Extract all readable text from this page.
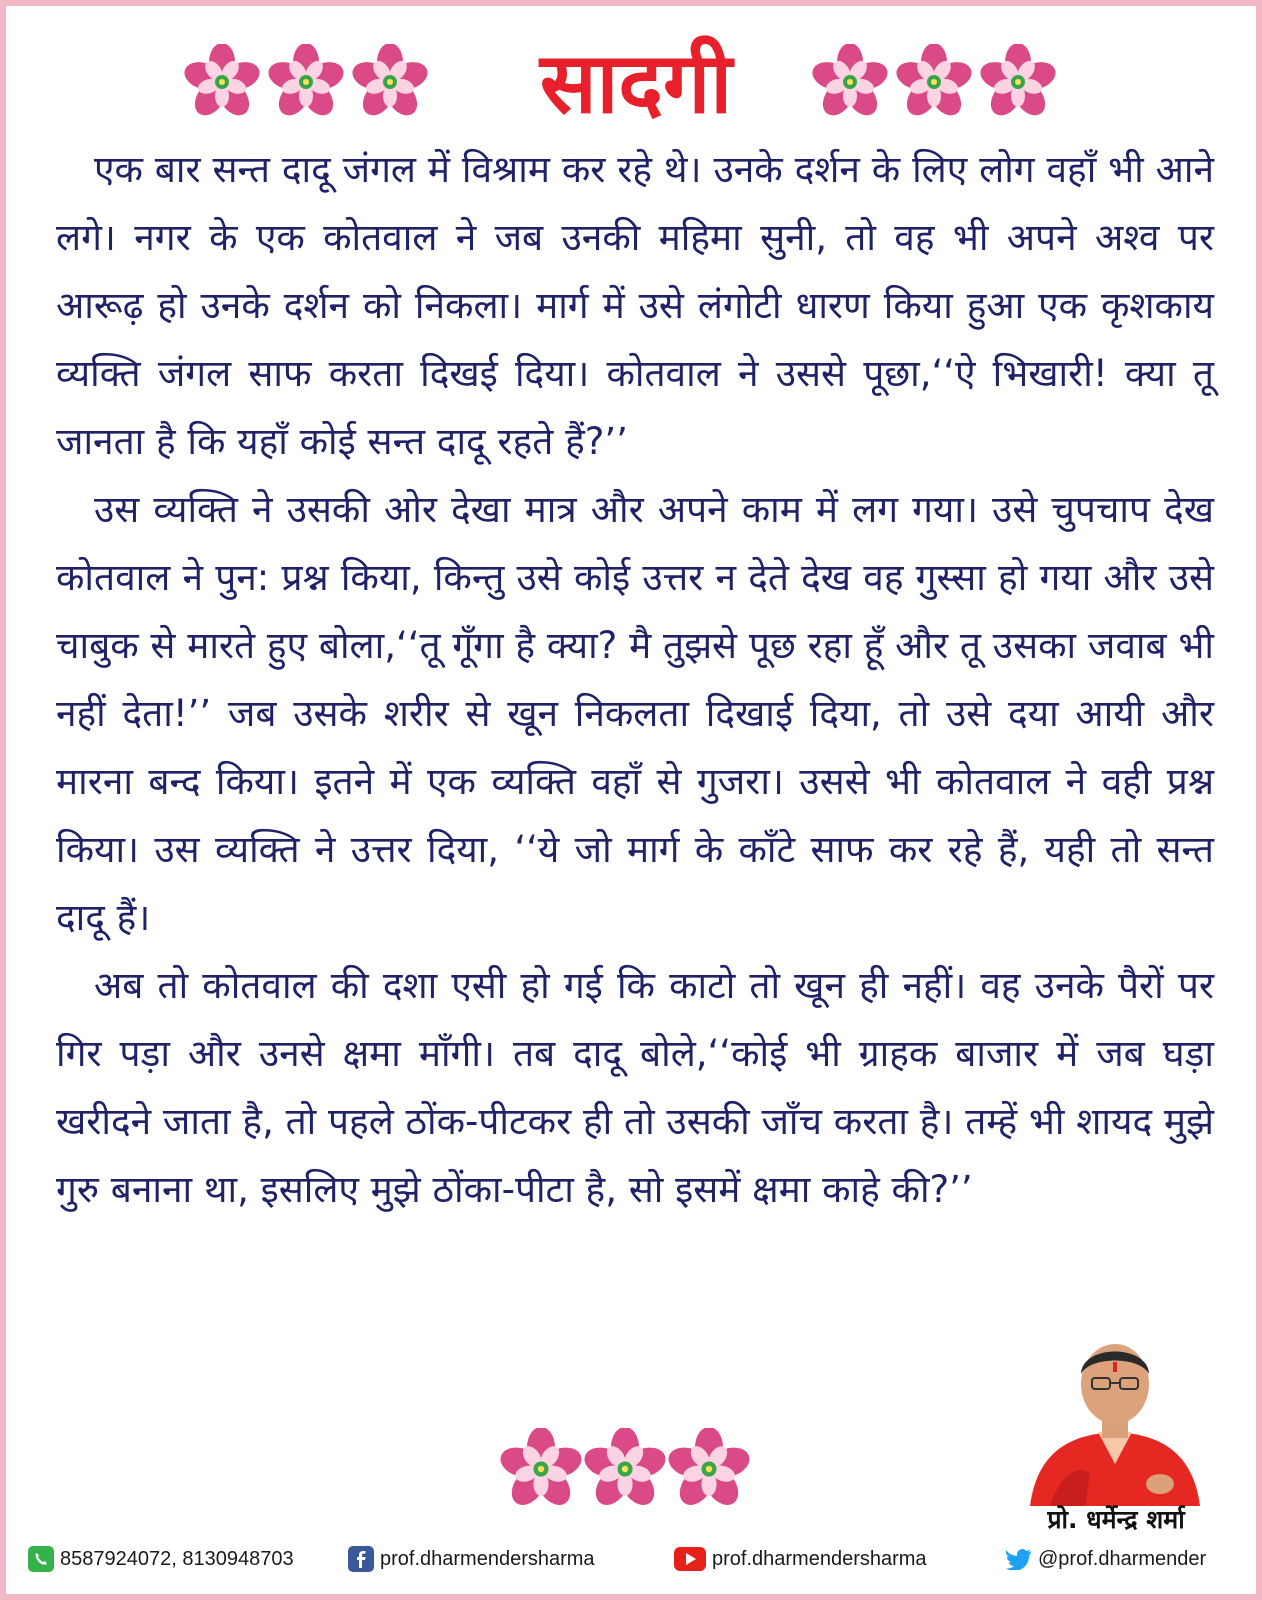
सादगी

एक बार सन्त दादू जंगल में विश्राम कर रहे थे। उनके दर्शन के लिए लोग वहाँ भी आने लगे। नगर के एक कोतवाल ने जब उनकी महिमा सुनी, तो वह भी अपने अश्व पर आरूढ़ हो उनके दर्शन को निकला। मार्ग में उसे लंगोटी धारण किया हुआ एक कृशकाय व्यक्ति जंगल साफ करता दिखई दिया। कोतवाल ने उससे पूछा,‘‘ऐ भिखारी! क्या तू जानता है कि यहाँ कोई सन्त दादू रहते हैं?’’

उस व्यक्ति ने उसकी ओर देखा मात्र और अपने काम में लग गया। उसे चुपचाप देख कोतवाल ने पुन: प्रश्न किया, किन्तु उसे कोई उत्तर न देते देख वह गुस्सा हो गया और उसे चाबुक से मारते हुए बोला,‘‘तू गूँगा है क्या? मै तुझसे पूछ रहा हूँ और तू उसका जवाब भी नहीं देता!’’ जब उसके शरीर से खून निकलता दिखाई दिया, तो उसे दया आयी और मारना बन्द किया। इतने में एक व्यक्ति वहाँ से गुजरा। उससे भी कोतवाल ने वही प्रश्न किया। उस व्यक्ति ने उत्तर दिया, ‘‘ये जो मार्ग के काँटे साफ कर रहे हैं, यही तो सन्त दादू हैं।

अब तो कोतवाल की दशा एसी हो गई कि काटो तो खून ही नहीं। वह उनके पैरों पर गिर पड़ा और उनसे क्षमा माँगी। तब दादू बोले,‘‘कोई भी ग्राहक बाजार में जब घड़ा खरीदने जाता है, तो पहले ठोंक-पीटकर ही तो उसकी जाँच करता है। तम्हें भी शायद मुझे गुरु बनाना था, इसलिए मुझे ठोंका-पीटा है, सो इसमें क्षमा काहे की?’’

प्रो. धर्मेन्द्र शर्मा
8587924072, 8130948703	prof.dharmendersharma	prof.dharmendersharma	@prof.dharmender
